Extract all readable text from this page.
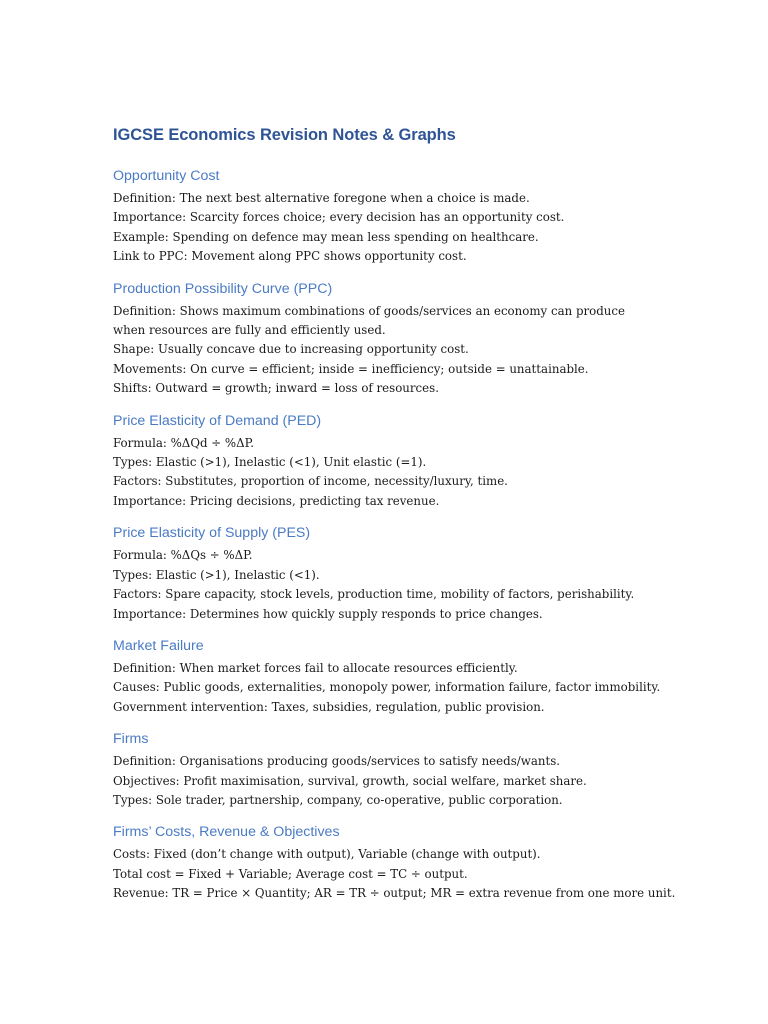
IGCSE Economics Revision Notes & Graphs
Opportunity Cost

Definition: The next best alternative foregone when a choice is made.

Importance: Scarcity forces choice; every decision has an opportunity cost.

Example: Spending on defence may mean less spending on healthcare.

Link to PPC: Movement along PPC shows opportunity cost.

Production Possibility Curve (PPC)

Definition: Shows maximum combinations of goods/services an economy can produce

when resources are fully and efficiently used.

Shape: Usually concave due to increasing opportunity cost.

Movements: On curve = efficient; inside = inefficiency; outside = unattainable.

Shifts: Outward = growth; inward = loss of resources.

Price Elasticity of Demand (PED)

Formula: %ΔQd ÷ %ΔP.

Types: Elastic (>1), Inelastic (<1), Unit elastic (=1).

Factors: Substitutes, proportion of income, necessity/luxury, time.

Importance: Pricing decisions, predicting tax revenue.

Price Elasticity of Supply (PES)

Formula: %ΔQs ÷ %ΔP.

Types: Elastic (>1), Inelastic (<1).

Factors: Spare capacity, stock levels, production time, mobility of factors, perishability.

Importance: Determines how quickly supply responds to price changes.

Market Failure

Definition: When market forces fail to allocate resources efficiently.

Causes: Public goods, externalities, monopoly power, information failure, factor immobility.

Government intervention: Taxes, subsidies, regulation, public provision.

Firms

Definition: Organisations producing goods/services to satisfy needs/wants.

Objectives: Profit maximisation, survival, growth, social welfare, market share.

Types: Sole trader, partnership, company, co-operative, public corporation.

Firms’ Costs, Revenue & Objectives

Costs: Fixed (don’t change with output), Variable (change with output).

Total cost = Fixed + Variable; Average cost = TC ÷ output.

Revenue: TR = Price × Quantity; AR = TR ÷ output; MR = extra revenue from one more unit.
